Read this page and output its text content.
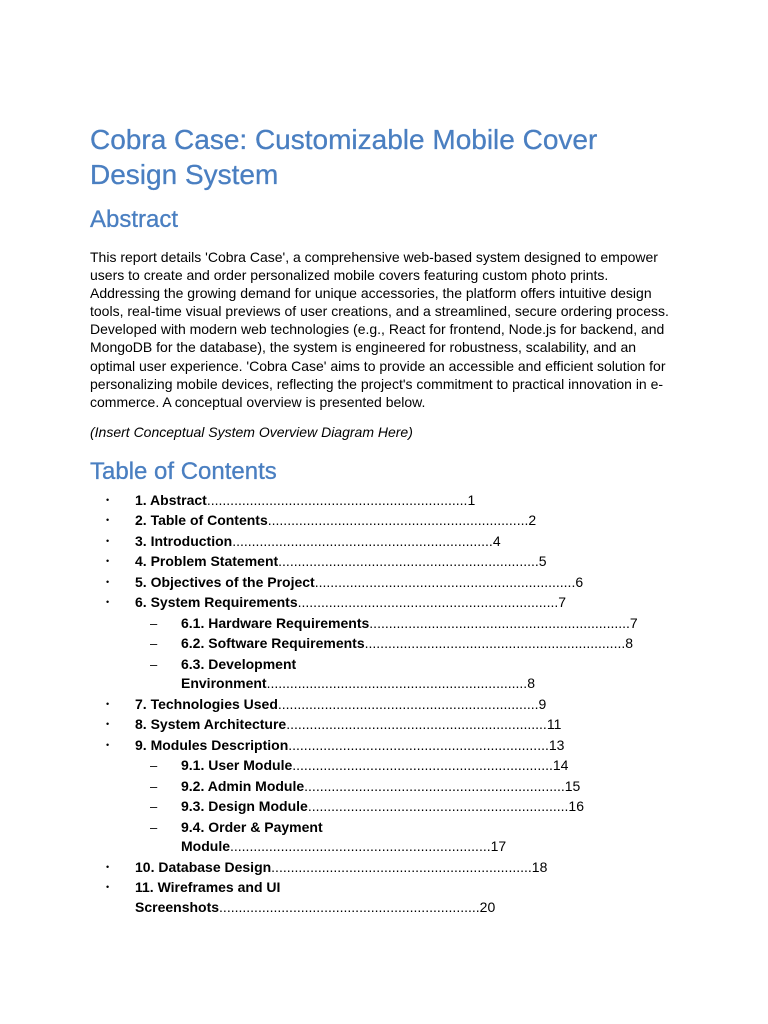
Cobra Case: Customizable Mobile Cover Design System
Abstract

This report details 'Cobra Case', a comprehensive web-based system designed to empower users to create and order personalized mobile covers featuring custom photo prints. Addressing the growing demand for unique accessories, the platform offers intuitive design tools, real-time visual previews of user creations, and a streamlined, secure ordering process. Developed with modern web technologies (e.g., React for frontend, Node.js for backend, and MongoDB for the database), the system is engineered for robustness, scalability, and an optimal user experience. 'Cobra Case' aims to provide an accessible and efficient solution for personalizing mobile devices, reflecting the project's commitment to practical innovation in e-commerce. A conceptual overview is presented below.

(Insert Conceptual System Overview Diagram Here)

Table of Contents
• 1. Abstract...................................................................1
• 2. Table of Contents...................................................................2
• 3. Introduction...................................................................4
• 4. Problem Statement...................................................................5
• 5. Objectives of the Project...................................................................6
• 6. System Requirements...................................................................7
– 6.1. Hardware Requirements...................................................................7
– 6.2. Software Requirements...................................................................8
– 6.3. Development Environment...................................................................8
• 7. Technologies Used...................................................................9
• 8. System Architecture...................................................................11
• 9. Modules Description...................................................................13
– 9.1. User Module...................................................................14
– 9.2. Admin Module...................................................................15
– 9.3. Design Module...................................................................16
– 9.4. Order & Payment Module...................................................................17
• 10. Database Design...................................................................18
• 11. Wireframes and UI Screenshots...................................................................20
